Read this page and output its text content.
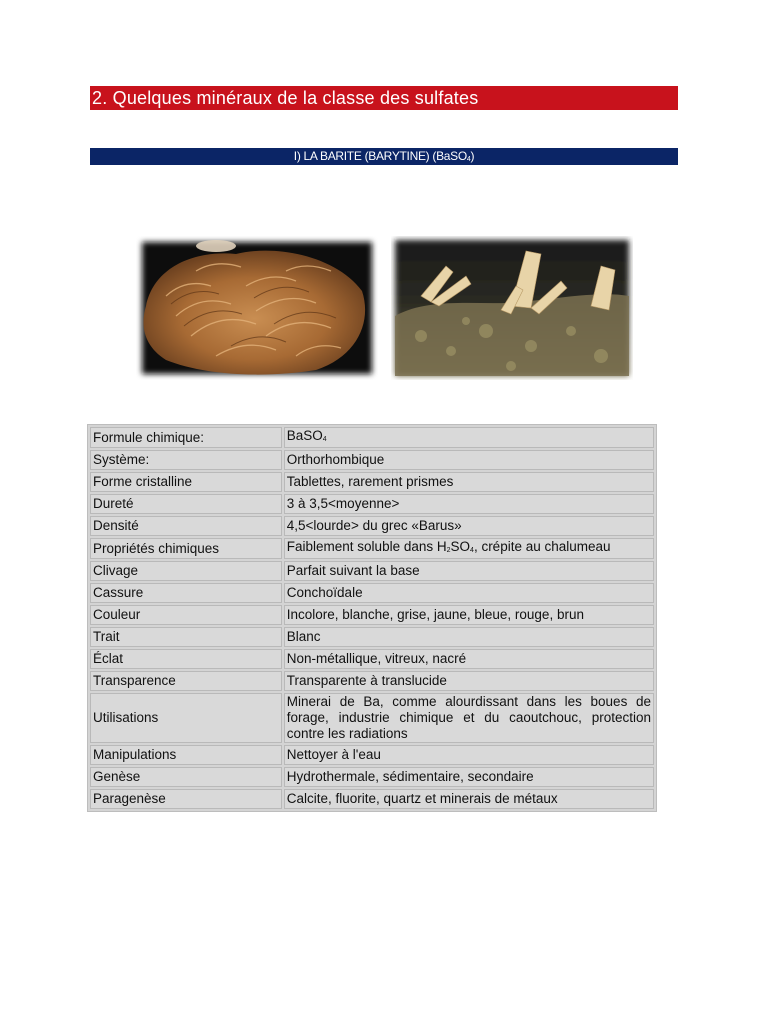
2. Quelques minéraux de la classe des sulfates
I) LA BARITE (BARYTINE) (BaSO$_4$)
Formule chimique:	BaSO$_4$
Système:	Orthorhombique
Forme cristalline	Tablettes, rarement prismes
Dureté	3 à 3,5<moyenne>
Densité	4,5<lourde> du grec «Barus»
Propriétés chimiques	Faiblement soluble dans $H_2SO_4$, crépite au chalumeau
Clivage	Parfait suivant la base
Cassure	Conchoïdale
Couleur	Incolore, blanche, grise, jaune, bleue, rouge, brun
Trait	Blanc
Éclat	Non-métallique, vitreux, nacré
Transparence	Transparente à translucide
Utilisations	Minerai de Ba, comme alourdissant dans les boues de forage, industrie chimique et du caoutchouc, protection contre les radiations
Manipulations	Nettoyer à l'eau
Genèse	Hydrothermale, sédimentaire, secondaire
Paragenèse	Calcite, fluorite, quartz et minerais de métaux
